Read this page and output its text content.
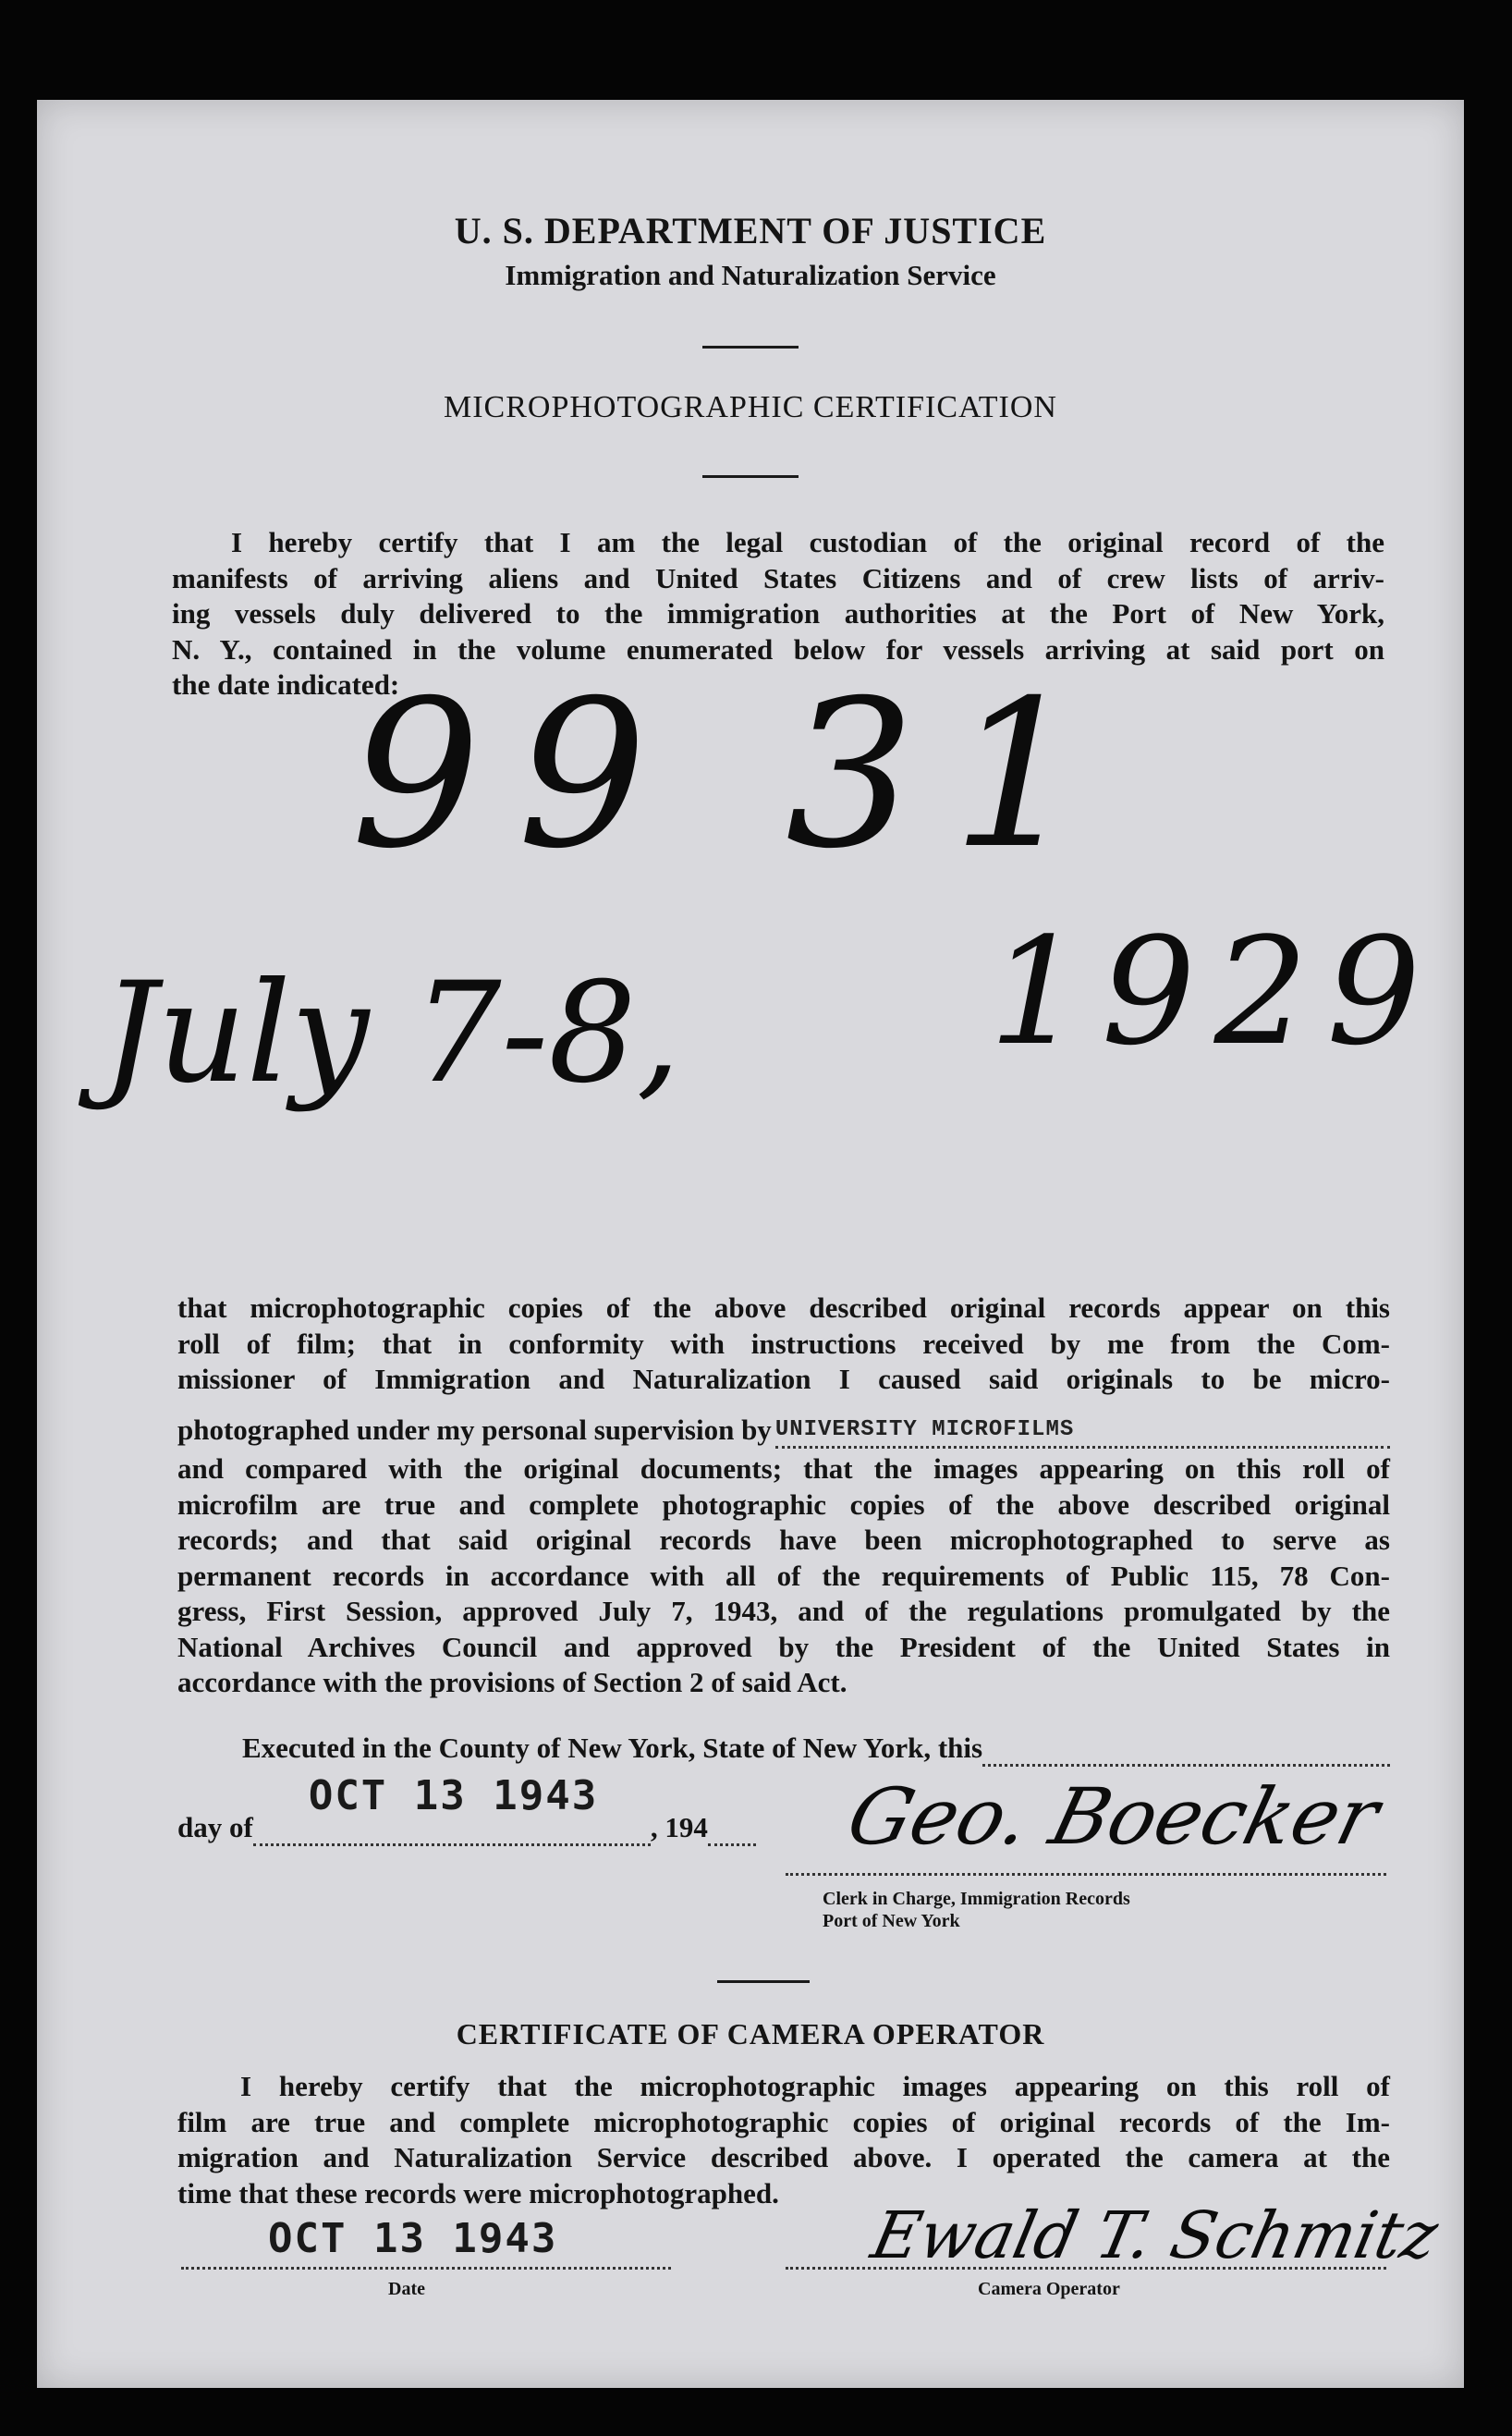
U. S. DEPARTMENT OF JUSTICE
Immigration and Naturalization Service
MICROPHOTOGRAPHIC CERTIFICATION
I hereby certify that I am the legal custodian of the original record of the
manifests of arriving aliens and United States Citizens and of crew lists of arriv-
ing vessels duly delivered to the immigration authorities at the Port of New York,
N. Y., contained in the volume enumerated below for vessels arriving at said port on
the date indicated:
99 31
July 7-8, 1929
that microphotographic copies of the above described original records appear on this
roll of film; that in conformity with instructions received by me from the Com-
missioner of Immigration and Naturalization I caused said originals to be micro-
photographed under my personal supervision by UNIVERSITY MICROFILMS
and compared with the original documents; that the images appearing on this roll of
microfilm are true and complete photographic copies of the above described original
records; and that said original records have been microphotographed to serve as
permanent records in accordance with all of the requirements of Public 115, 78 Con-
gress, First Session, approved July 7, 1943, and of the regulations promulgated by the
National Archives Council and approved by the President of the United States in
accordance with the provisions of Section 2 of said Act.
Executed in the County of New York, State of New York, this
day of
OCT 13 1943
, 194 Geo. Boecker
Clerk in Charge, Immigration Records
Port of New York
CERTIFICATE OF CAMERA OPERATOR
I hereby certify that the microphotographic images appearing on this roll of
film are true and complete microphotographic copies of original records of the Im-
migration and Naturalization Service described above. I operated the camera at the
time that these records were microphotographed.
OCT 13 1943
Date
Ewald T. Schmitz
Camera Operator
